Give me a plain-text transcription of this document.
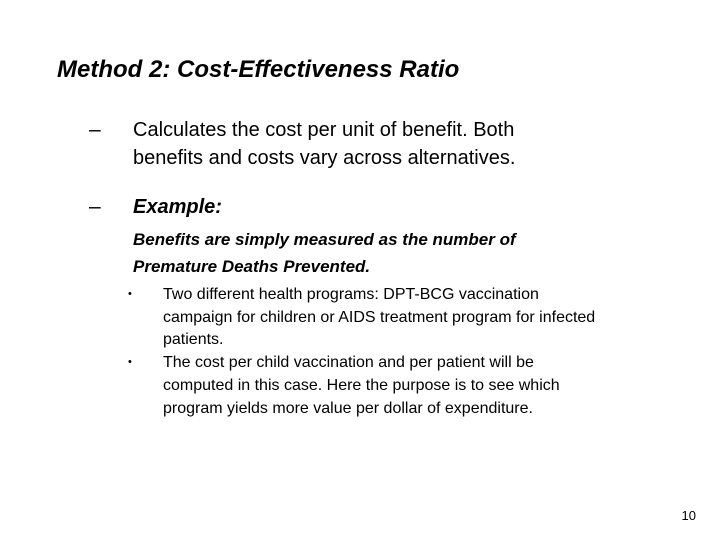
Method 2: Cost-Effectiveness Ratio
– Calculates the cost per unit of benefit. Both
benefits and costs vary across alternatives.
– Example:
Benefits are simply measured as the number of
Premature Deaths Prevented.
• Two different health programs: DPT-BCG vaccination
campaign for children or AIDS treatment program for infected
patients.
• The cost per child vaccination and per patient will be
computed in this case. Here the purpose is to see which
program yields more value per dollar of expenditure.
10
